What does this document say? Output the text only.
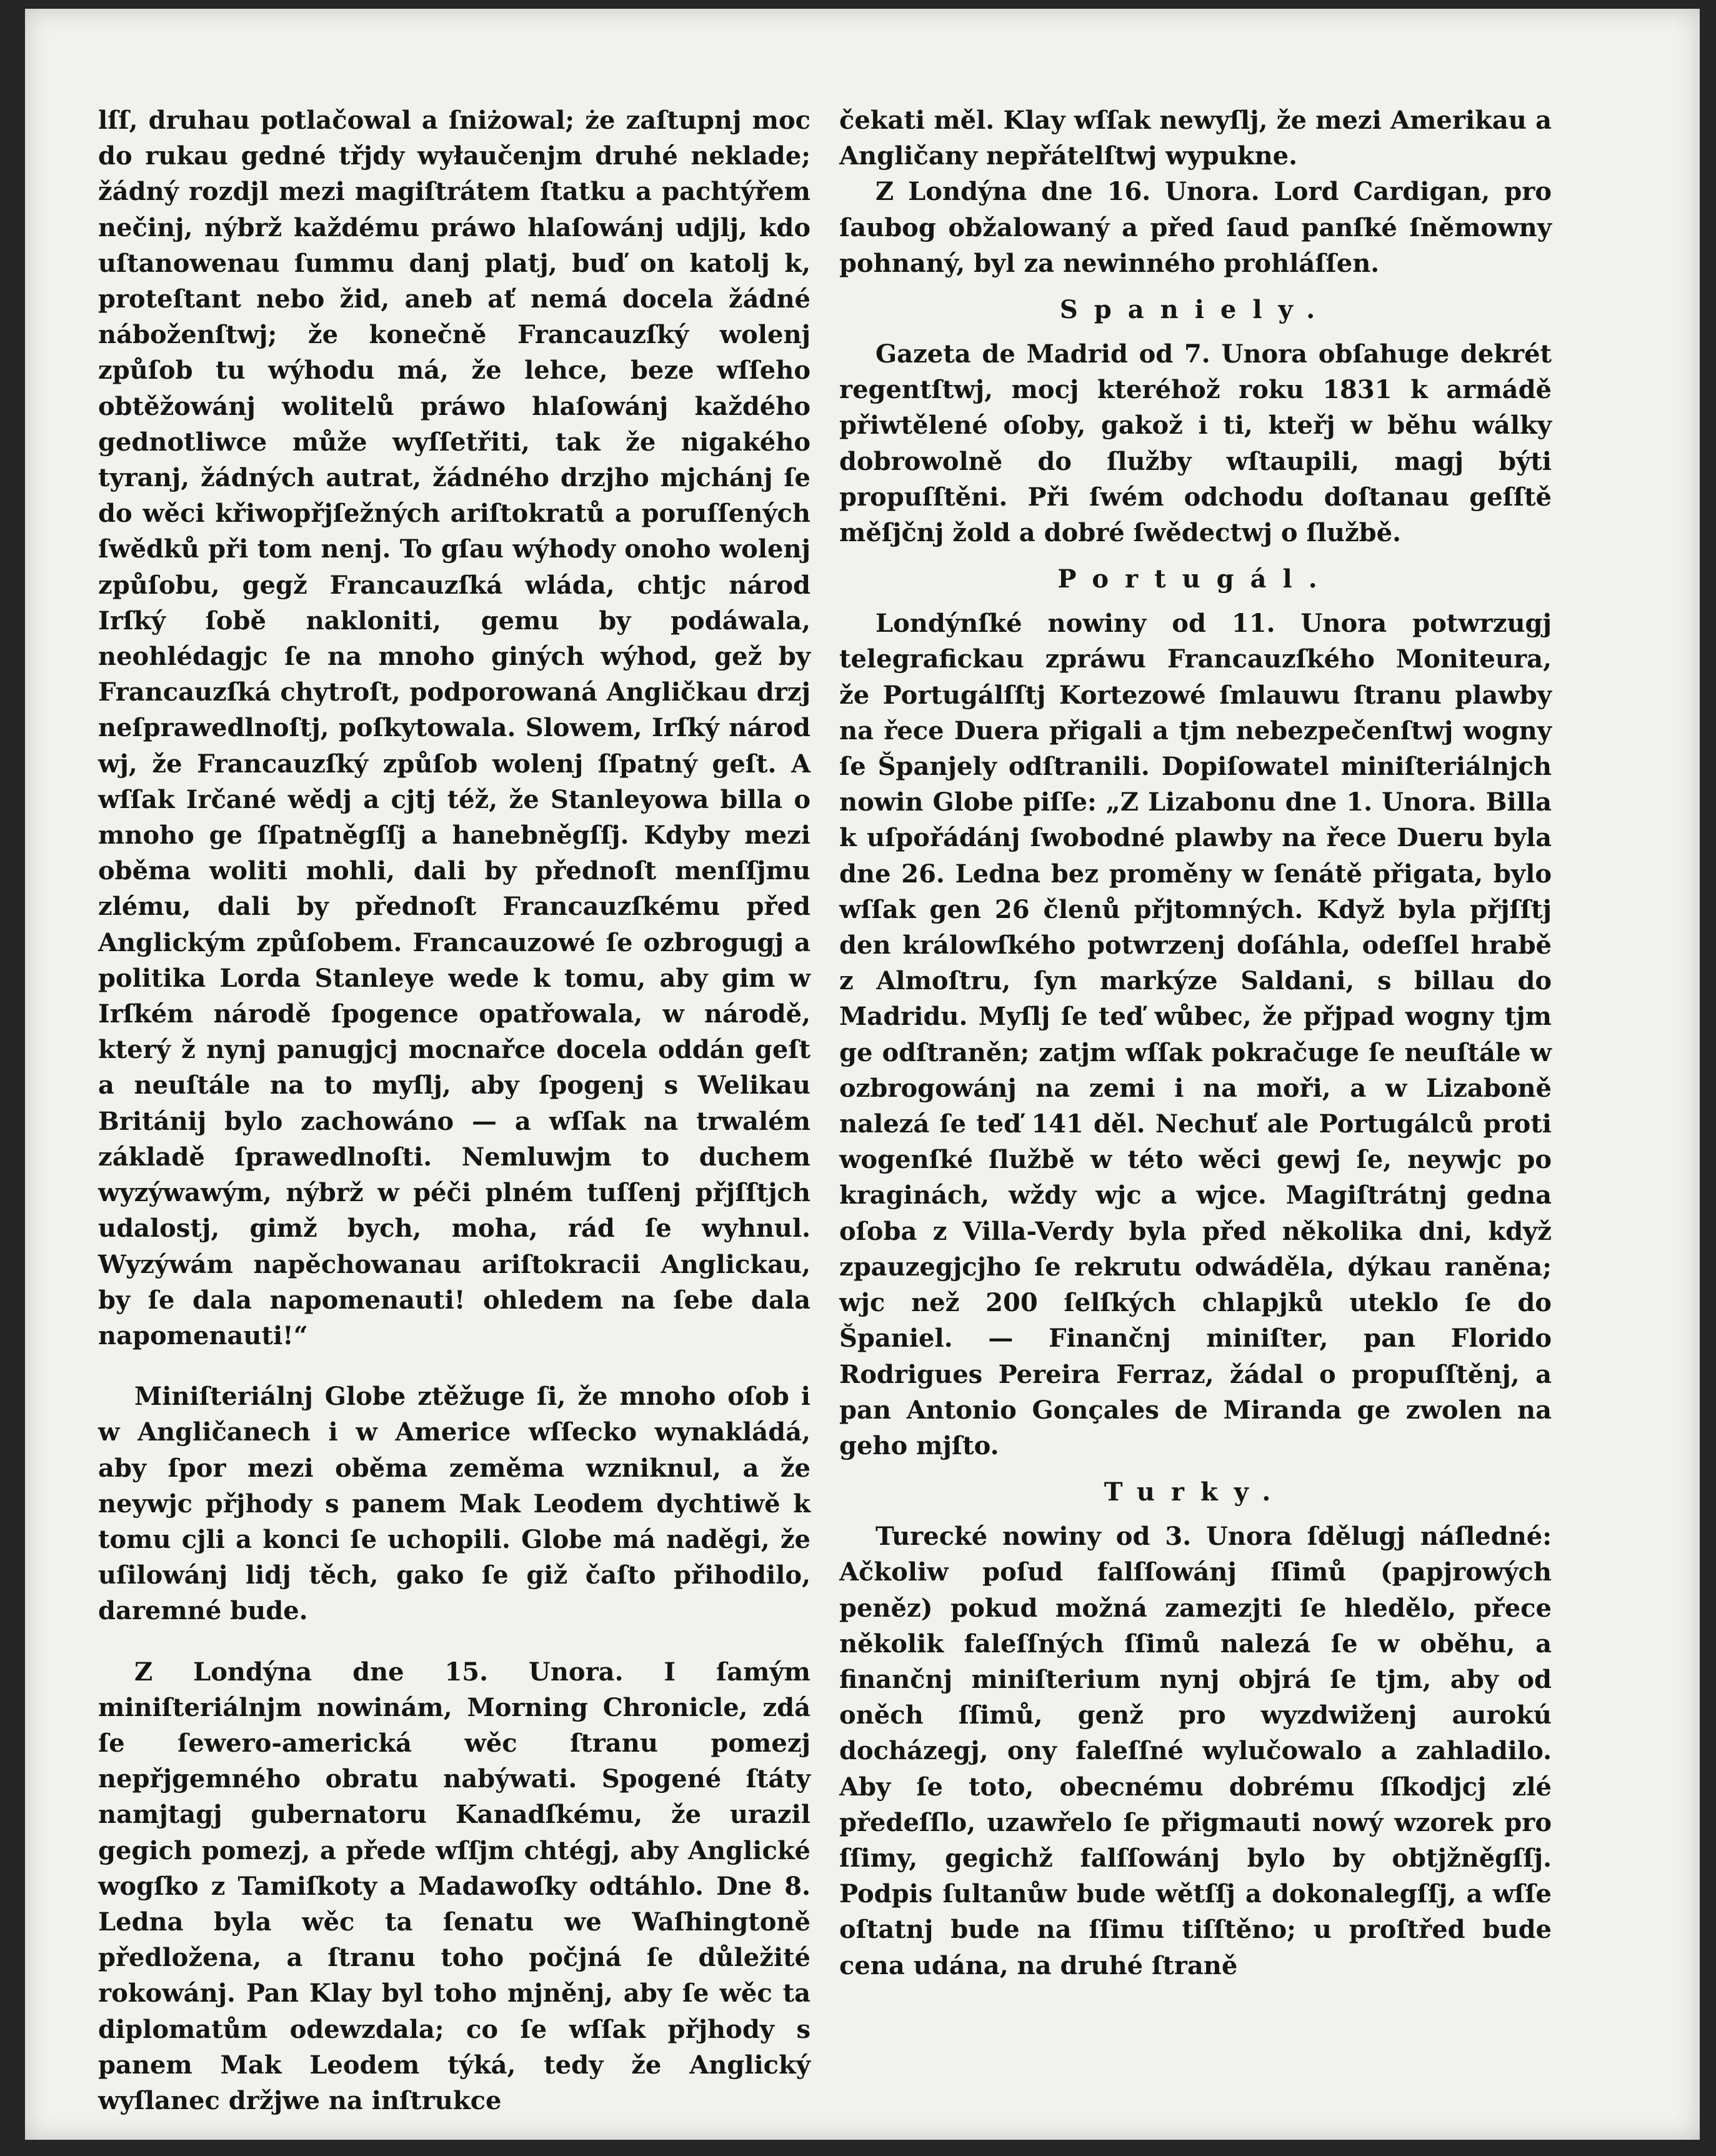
lſſ, druhau potlačowal a ſniżowal; że zaſtupnj moc do rukau gedné třjdy wyłaučenjm druhé neklade; žádný rozdjl mezi magiſtrátem ſtatku a pachtýřem nečinj, nýbrž každému práwo hlaſowánj udjlj, kdo uſtanowenau ſummu danj platj, buď on katolj k, proteſtant nebo žid, aneb ať nemá docela žádné náboženſtwj; že konečně Francauzſký wolenj způſob tu wýhodu má, že lehce, beze wſſeho obtěžowánj wolitelů práwo hlaſowánj každého gednotliwce může wyſſetřiti, tak že nigakého tyranj, žádných autrat, žádného drzjho mjchánj ſe do wěci křiwopřjſežných ariſtokratů a poruſſených ſwědků při tom nenj. To gſau wýhody onoho wolenj způſobu, gegž Francauzſká wláda, chtjc národ Irſký ſobě nakloniti, gemu by podáwala, neohlédagjc ſe na mnoho giných wýhod, gež by Francauzſká chytroſt, podporowaná Angličkau drzj neſprawedlnoſtj, poſkytowala. Slowem, Irſký národ wj, že Francauzſký způſob wolenj ſſpatný geſt. A wſſak Irčané wědj a cjtj též, že Stanleyowa billa o mnoho ge ſſpatněgſſj a hanebněgſſj. Kdyby mezi oběma woliti mohli, dali by přednoſt menſſjmu zlému, dali by přednoſt Francauzſkému před Anglickým způſobem. Francauzowé ſe ozbrogugj a politika Lorda Stanleye wede k tomu, aby gim w Irſkém národě ſpogence opatřowala, w národě, který ž nynj panugjcj mocnařce docela oddán geſt a neuſtále na to myſlj, aby ſpogenj s Welikau Británij bylo zachowáno — a wſſak na trwalém základě ſprawedlnoſti. Nemluwjm to duchem wyzýwawým, nýbrž w péči plném tuſſenj přjſſtjch udalostj, gimž bych, moha, rád ſe wyhnul. Wyzýwám napěchowanau ariſtokracii Anglickau, by ſe dala napomenauti! ohledem na ſebe dala napomenauti!“

Miniſteriálnj Globe ztěžuge ſi, že mnoho oſob i w Angličanech i w Americe wſſecko wynakládá, aby ſpor mezi oběma zeměma wzniknul, a že neywjc přjhody s panem Mak Leodem dychtiwě k tomu cjli a konci ſe uchopili. Globe má naděgi, že uſilowánj lidj těch, gako ſe giž čaſto přihodilo, daremné bude.

Z Londýna dne 15. Unora. I ſamým miniſteriálnjm nowinám, Morning Chronicle, zdá ſe ſewero-americká wěc ſtranu pomezj nepřjgemného obratu nabýwati. Spogené ſtáty namjtagj gubernatoru Kanadſkému, že urazil gegich pomezj, a přede wſſjm chtégj, aby Anglické wogſko z Tamiſkoty a Madawoſky odtáhlo. Dne 8. Ledna byla wěc ta ſenatu we Waſhingtoně předložena, a ſtranu toho počjná ſe důležité rokowánj. Pan Klay byl toho mjněnj, aby ſe wěc ta diplomatům odewzdala; co ſe wſſak přjhody s panem Mak Leodem týká, tedy že Anglický wyſlanec držjwe na inſtrukce

čekati měl. Klay wſſak newyſlj, že mezi Amerikau a Angličany nepřátelſtwj wypukne.

Z Londýna dne 16. Unora. Lord Cardigan, pro ſaubog obžalowaný a před ſaud panſké ſněmowny pohnaný, byl za newinného prohláſſen.

Spaniely.

Gazeta de Madrid od 7. Unora obſahuge dekrét regentſtwj, mocj kteréhož roku 1831 k armádě přiwtělené oſoby, gakož i ti, kteřj w běhu wálky dobrowolně do ſlužby wſtaupili, magj býti propuſſtěni. Při ſwém odchodu doſtanau geſſtě měſjčnj žold a dobré ſwědectwj o ſlužbě.

Portugál.

Londýnſké nowiny od 11. Unora potwrzugj telegrafickau zpráwu Francauzſkého Moniteura, že Portugálſſtj Kortezowé ſmlauwu ſtranu plawby na řece Duera přigali a tjm nebezpečenſtwj wogny ſe Španjely odſtranili. Dopiſowatel miniſteriálnjch nowin Globe piſſe: „Z Lizabonu dne 1. Unora. Billa k uſpořádánj ſwobodné plawby na řece Dueru byla dne 26. Ledna bez proměny w ſenátě přigata, bylo wſſak gen 26 členů přjtomných. Když byla přjſſtj den králowſkého potwrzenj doſáhla, odeſſel hrabě z Almoſtru, ſyn markýze Saldani, s billau do Madridu. Myſlj ſe teď wůbec, že přjpad wogny tjm ge odſtraněn; zatjm wſſak pokračuge ſe neuſtále w ozbrogowánj na zemi i na moři, a w Lizaboně nalezá ſe teď 141 děl. Nechuť ale Portugálců proti wogenſké ſlužbě w této wěci gewj ſe, neywjc po kraginách, wždy wjc a wjce. Magiſtrátnj gedna oſoba z Villa-Verdy byla před několika dni, když zpauzegjcjho ſe rekrutu odwáděla, dýkau raněna; wjc než 200 ſelſkých chlapjků uteklo ſe do Španiel. — Finančnj miniſter, pan Florido Rodrigues Pereira Ferraz, žádal o propuſſtěnj, a pan Antonio Gonçales de Miranda ge zwolen na geho mjſto.

Turky.

Turecké nowiny od 3. Unora ſdělugj náſledné: Ačkoliw poſud falſſowánj ſſimů (papjrowých peněz) pokud možná zamezjti ſe hledělo, přece několik faleſſných ſſimů nalezá ſe w oběhu, a finančnj miniſterium nynj objrá ſe tjm, aby od oněch ſſimů, genž pro wyzdwiženj aurokú docházegj, ony faleſſné wylučowalo a zahladilo. Aby ſe toto, obecnému dobrému ſſkodjcj zlé předeſſlo, uzawřelo ſe přigmauti nowý wzorek pro ſſimy, gegichž falſſowánj bylo by obtjžněgſſj. Podpis ſultanůw bude wětſſj a dokonalegſſj, a wſſe oſtatnj bude na ſſimu tiſſtěno; u proſtřed bude cena udána, na druhé ſtraně
